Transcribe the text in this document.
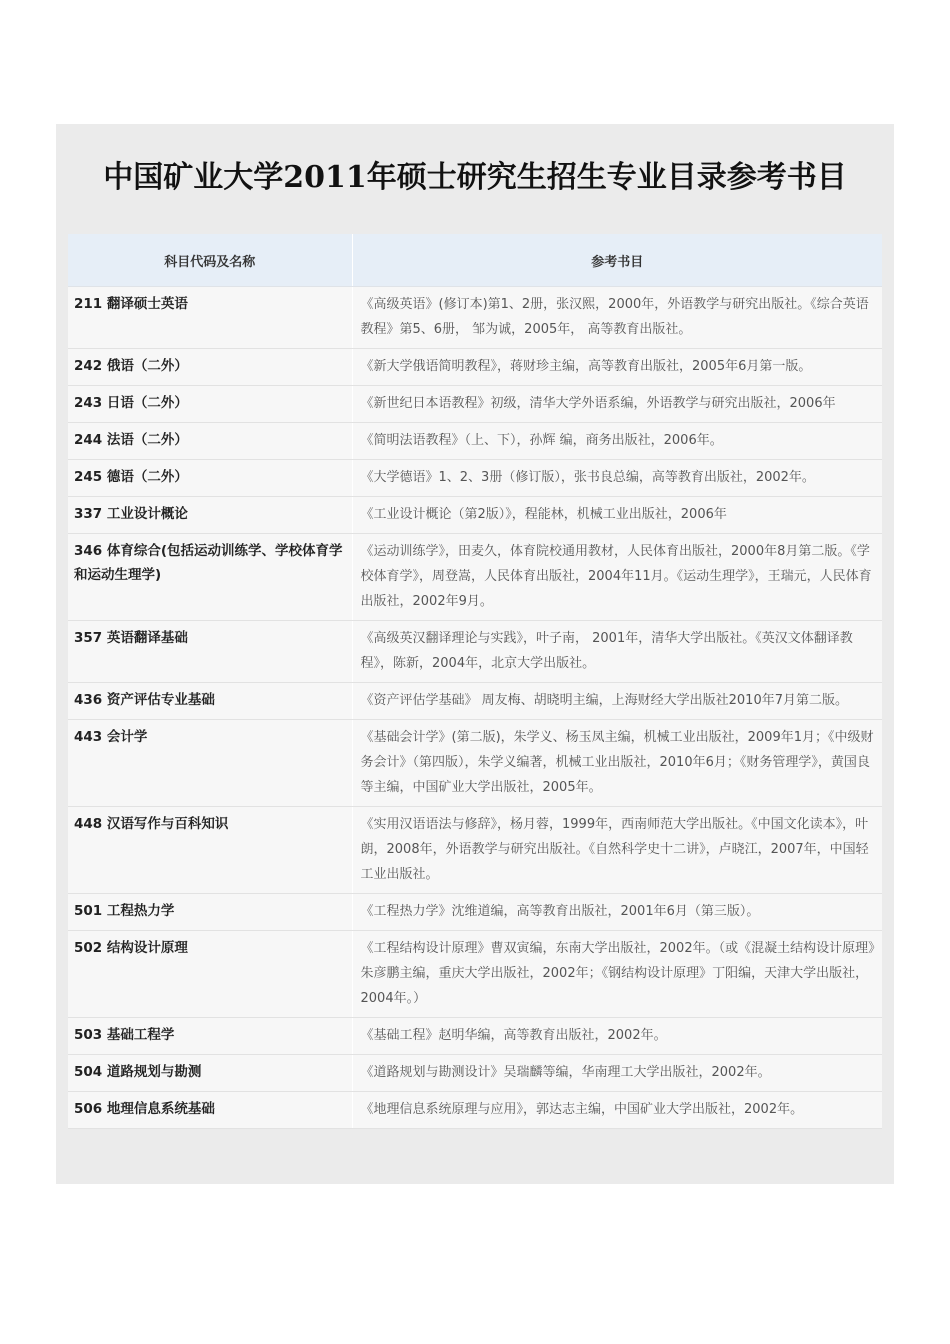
中国矿业大学2011年硕士研究生招生专业目录参考书目
科目代码及名称	参考书目
211 翻译硕士英语	《高级英语》(修订本)第1、2册，张汉熙，2000年，外语教学与研究出版社。《综合英语教程》第5、6册， 邹为诚，2005年， 高等教育出版社。
242 俄语（二外）	《新大学俄语简明教程》，蒋财珍主编，高等教育出版社，2005年6月第一版。
243 日语（二外）	《新世纪日本语教程》初级，清华大学外语系编，外语教学与研究出版社，2006年
244 法语（二外）	《简明法语教程》（上、下），孙辉 编，商务出版社，2006年。
245 德语（二外）	《大学德语》1、2、3册（修订版），张书良总编，高等教育出版社，2002年。
337 工业设计概论	《工业设计概论（第2版）》，程能林，机械工业出版社，2006年
346 体育综合(包括运动训练学、学校体育学和运动生理学)	《运动训练学》，田麦久，体育院校通用教材，人民体育出版社，2000年8月第二版。《学校体育学》，周登嵩，人民体育出版社，2004年11月。《运动生理学》，王瑞元，人民体育出版社，2002年9月。
357 英语翻译基础	《高级英汉翻译理论与实践》，叶子南， 2001年，清华大学出版社。《英汉文体翻译教程》，陈新，2004年，北京大学出版社。
436 资产评估专业基础	《资产评估学基础》 周友梅、胡晓明主编，上海财经大学出版社2010年7月第二版。
443 会计学	《基础会计学》(第二版)，朱学义、杨玉凤主编，机械工业出版社，2009年1月；《中级财务会计》（第四版），朱学义编著，机械工业出版社，2010年6月；《财务管理学》，黄国良等主编，中国矿业大学出版社，2005年。
448 汉语写作与百科知识	《实用汉语语法与修辞》，杨月蓉，1999年，西南师范大学出版社。《中国文化读本》，叶朗，2008年，外语教学与研究出版社。《自然科学史十二讲》，卢晓江，2007年，中国轻工业出版社。
501 工程热力学	《工程热力学》沈维道编，高等教育出版社，2001年6月（第三版）。
502 结构设计原理	《工程结构设计原理》曹双寅编，东南大学出版社，2002年。（或《混凝土结构设计原理》朱彦鹏主编，重庆大学出版社，2002年；《钢结构设计原理》丁阳编，天津大学出版社，2004年。）
503 基础工程学	《基础工程》赵明华编，高等教育出版社，2002年。
504 道路规划与勘测	《道路规划与勘测设计》吴瑞麟等编，华南理工大学出版社，2002年。
506 地理信息系统基础	《地理信息系统原理与应用》，郭达志主编，中国矿业大学出版社，2002年。
